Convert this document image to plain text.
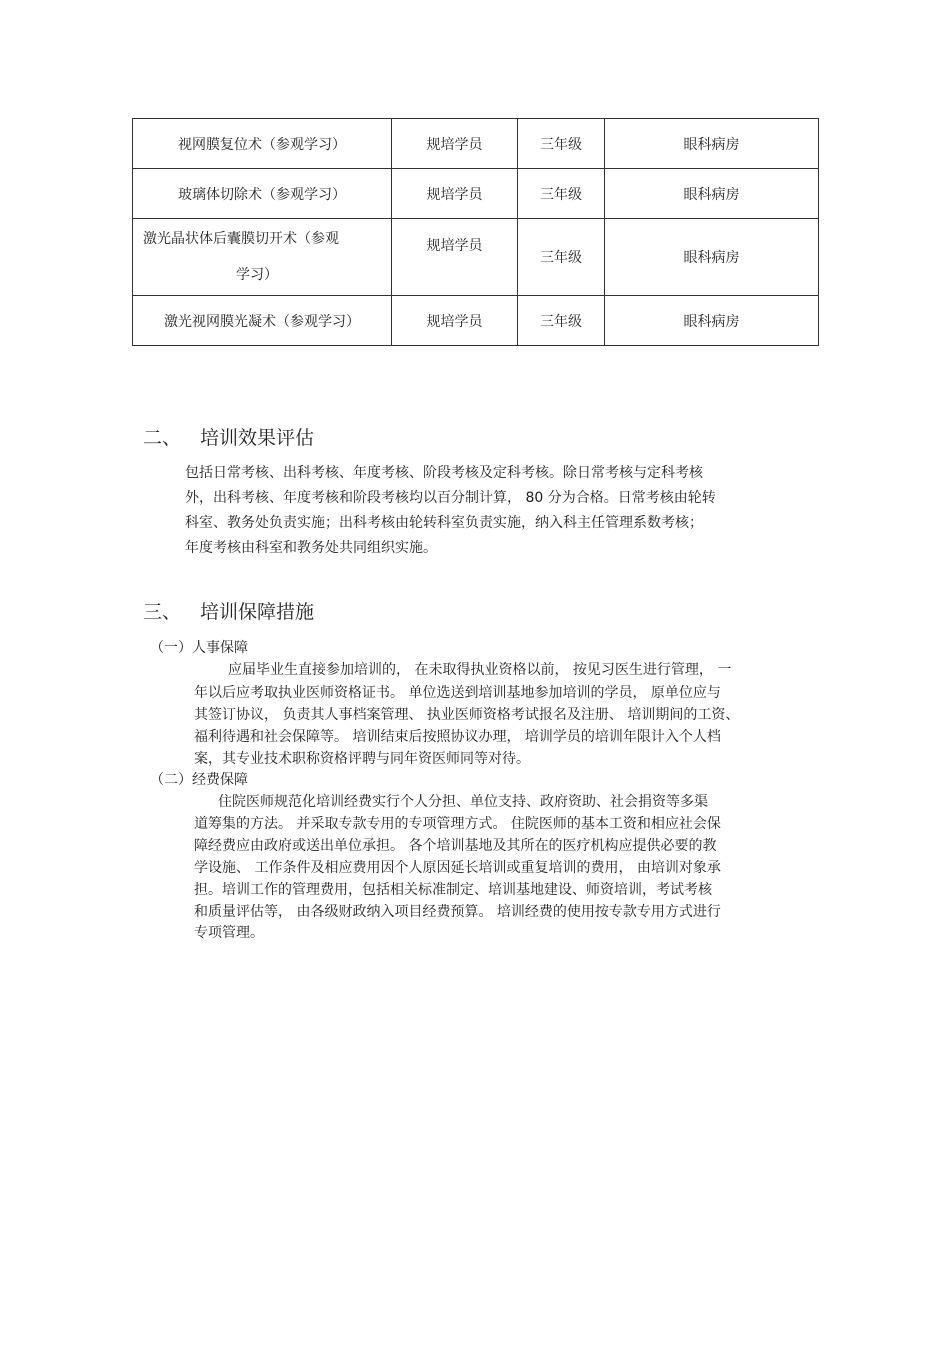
视网膜复位术（参观学习）	规培学员	三年级	眼科病房
玻璃体切除术（参观学习）	规培学员	三年级	眼科病房

激光晶状体后囊膜切开术（参观
学习）	规培学员	三年级	眼科病房
激光视网膜光凝术（参观学习）	规培学员	三年级	眼科病房
二、 培训效果评估
包括日常考核、出科考核、年度考核、阶段考核及定科考核。除日常考核与定科考核
外，出科考核、年度考核和阶段考核均以百分制计算， 80 分为合格。日常考核由轮转
科室、教务处负责实施；出科考核由轮转科室负责实施，纳入科主任管理系数考核；
年度考核由科室和教务处共同组织实施。
三、 培训保障措施
（一）人事保障
应届毕业生直接参加培训的， 在未取得执业资格以前， 按见习医生进行管理， 一
年以后应考取执业医师资格证书。 单位选送到培训基地参加培训的学员， 原单位应与
其签订协议， 负责其人事档案管理、 执业医师资格考试报名及注册、 培训期间的工资、
福利待遇和社会保障等。 培训结束后按照协议办理， 培训学员的培训年限计入个人档
案，其专业技术职称资格评聘与同年资医师同等对待。
（二）经费保障
住院医师规范化培训经费实行个人分担、单位支持、政府资助、社会捐资等多渠
道筹集的方法。 并采取专款专用的专项管理方式。 住院医师的基本工资和相应社会保
障经费应由政府或送出单位承担。 各个培训基地及其所在的医疗机构应提供必要的教
学设施、 工作条件及相应费用因个人原因延长培训或重复培训的费用， 由培训对象承
担。培训工作的管理费用，包括相关标准制定、培训基地建设、师资培训，考试考核
和质量评估等， 由各级财政纳入项目经费预算。 培训经费的使用按专款专用方式进行
专项管理。
